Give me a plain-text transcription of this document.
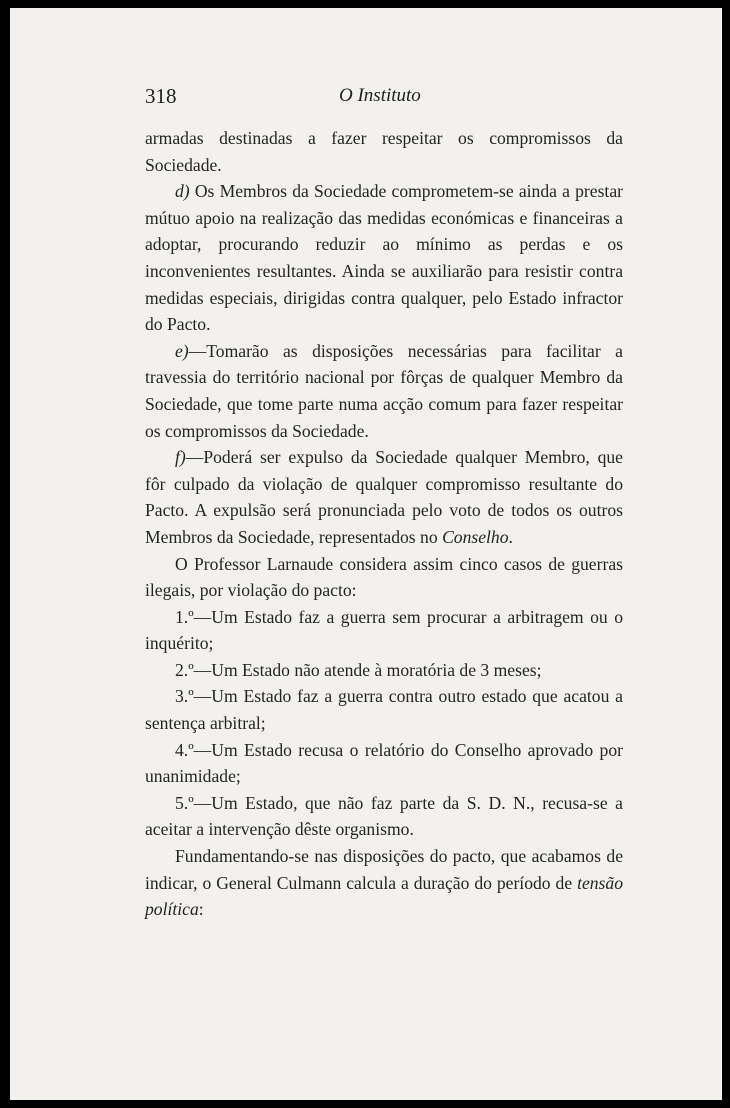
318	O Instituto

armadas destinadas a fazer respeitar os compromissos da Sociedade.

d) Os Membros da Sociedade comprometem-se ainda a prestar mútuo apoio na realização das medidas económicas e financeiras a adoptar, procurando reduzir ao mínimo as perdas e os inconvenientes resultantes. Ainda se auxiliarão para resistir contra medidas especiais, dirigidas contra qualquer, pelo Estado infractor do Pacto.

e)—Tomarão as disposições necessárias para facilitar a travessia do território nacional por fôrças de qualquer Membro da Sociedade, que tome parte numa acção comum para fazer respeitar os compromissos da Sociedade.

f)—Poderá ser expulso da Sociedade qualquer Membro, que fôr culpado da violação de qualquer compromisso resultante do Pacto. A expulsão será pronunciada pelo voto de todos os outros Membros da Sociedade, representados no Conselho.

O Professor Larnaude considera assim cinco casos de guerras ilegais, por violação do pacto:

1.º—Um Estado faz a guerra sem procurar a arbitragem ou o inquérito;

2.º—Um Estado não atende à moratória de 3 meses;

3.º—Um Estado faz a guerra contra outro estado que acatou a sentença arbitral;

4.º—Um Estado recusa o relatório do Conselho aprovado por unanimidade;

5.º—Um Estado, que não faz parte da S. D. N., recusa-se a aceitar a intervenção dêste organismo.

Fundamentando-se nas disposições do pacto, que acabamos de indicar, o General Culmann calcula a duração do período de tensão política:
